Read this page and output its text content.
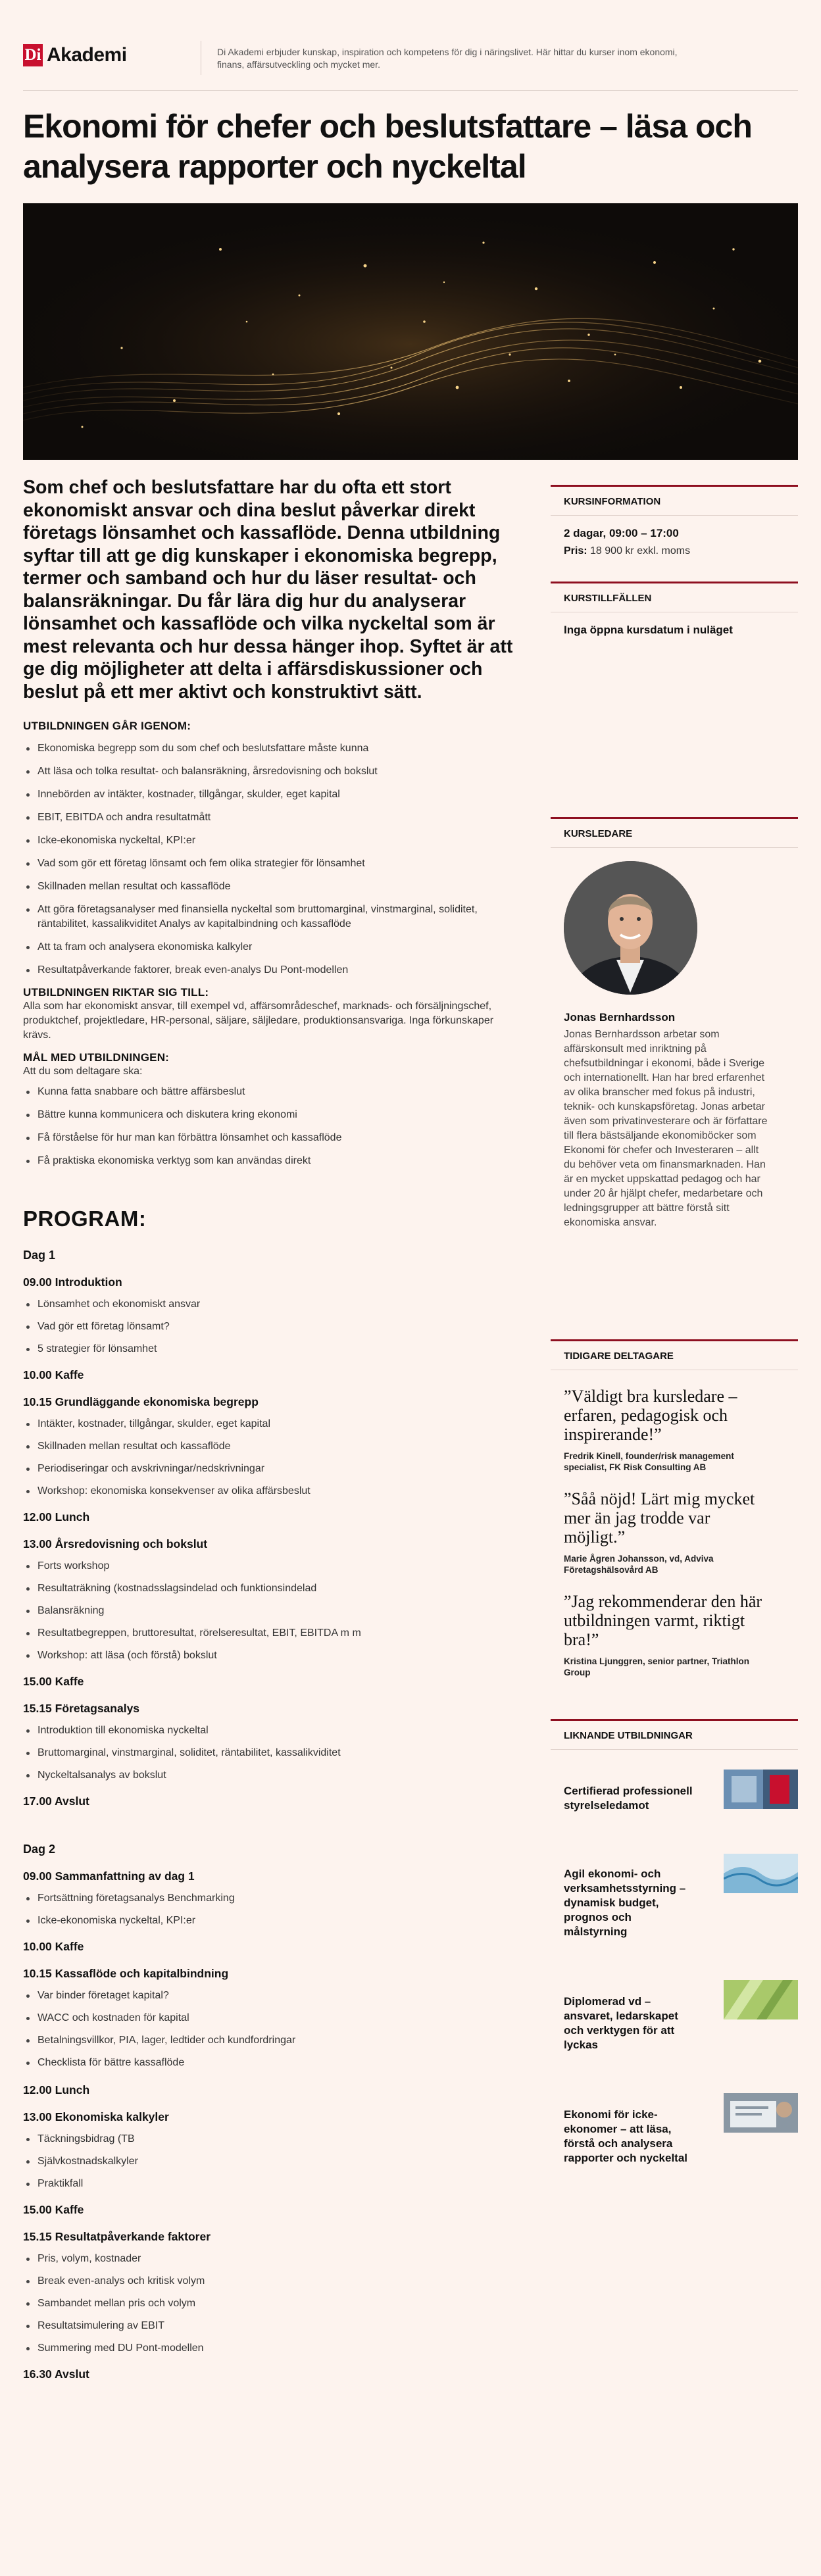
Di Akademi	Di Akademi erbjuder kunskap, inspiration och kompetens för dig i näringslivet. Här hittar du kurser inom ekonomi, finans, affärsutveckling och mycket mer.
Ekonomi för chefer och beslutsfattare – läsa och analysera rapporter och nyckeltal

Som chef och beslutsfattare har du ofta ett stort ekonomiskt ansvar och dina beslut påverkar direkt företags lönsamhet och kassaflöde. Denna utbildning syftar till att ge dig kunskaper i ekonomiska begrepp, termer och samband och hur du läser resultat- och balansräkningar. Du får lära dig hur du analyserar lönsamhet och kassaflöde och vilka nyckeltal som är mest relevanta och hur dessa hänger ihop. Syftet är att ge dig möjligheter att delta i affärsdiskussioner och beslut på ett mer aktivt och konstruktivt sätt.

UTBILDNINGEN GÅR IGENOM:
Ekonomiska begrepp som du som chef och beslutsfattare måste kunna
Att läsa och tolka resultat- och balansräkning, årsredovisning och bokslut
Innebörden av intäkter, kostnader, tillgångar, skulder, eget kapital
EBIT, EBITDA och andra resultatmått
Icke-ekonomiska nyckeltal, KPI:er
Vad som gör ett företag lönsamt och fem olika strategier för lönsamhet
Skillnaden mellan resultat och kassaflöde
Att göra företagsanalyser med finansiella nyckeltal som bruttomarginal, vinstmarginal, soliditet, räntabilitet, kassalikviditet Analys av kapitalbindning och kassaflöde
Att ta fram och analysera ekonomiska kalkyler
Resultatpåverkande faktorer, break even-analys Du Pont-modellen
UTBILDNINGEN RIKTAR SIG TILL:

Alla som har ekonomiskt ansvar, till exempel vd, affärsområdeschef, marknads- och försäljningschef, produktchef, projektledare, HR-personal, säljare, säljledare, produktionsansvariga. Inga förkunskaper krävs.

MÅL MED UTBILDNINGEN:

Att du som deltagare ska:

Kunna fatta snabbare och bättre affärsbeslut
Bättre kunna kommunicera och diskutera kring ekonomi
Få förståelse för hur man kan förbättra lönsamhet och kassaflöde
Få praktiska ekonomiska verktyg som kan användas direkt
PROGRAM:
Dag 1
09.00 Introduktion
Lönsamhet och ekonomiskt ansvar
Vad gör ett företag lönsamt?
5 strategier för lönsamhet
10.00 Kaffe
10.15 Grundläggande ekonomiska begrepp
Intäkter, kostnader, tillgångar, skulder, eget kapital
Skillnaden mellan resultat och kassaflöde
Periodiseringar och avskrivningar/nedskrivningar
Workshop: ekonomiska konsekvenser av olika affärsbeslut
12.00 Lunch
13.00 Årsredovisning och bokslut
Forts workshop
Resultaträkning (kostnadsslagsindelad och funktionsindelad
Balansräkning
Resultatbegreppen, bruttoresultat, rörelseresultat, EBIT, EBITDA m m
Workshop: att läsa (och förstå) bokslut
15.00 Kaffe
15.15 Företagsanalys
Introduktion till ekonomiska nyckeltal
Bruttomarginal, vinstmarginal, soliditet, räntabilitet, kassalikviditet
Nyckeltalsanalys av bokslut
17.00 Avslut
Dag 2
09.00 Sammanfattning av dag 1
Fortsättning företagsanalys Benchmarking
Icke-ekonomiska nyckeltal, KPI:er
10.00 Kaffe
10.15 Kassaflöde och kapitalbindning
Var binder företaget kapital?
WACC och kostnaden för kapital
Betalningsvillkor, PIA, lager, ledtider och kundfordringar
Checklista för bättre kassaflöde
12.00 Lunch
13.00 Ekonomiska kalkyler
Täckningsbidrag (TB
Självkostnadskalkyler
Praktikfall
15.00 Kaffe
15.15 Resultatpåverkande faktorer
Pris, volym, kostnader
Break even-analys och kritisk volym
Sambandet mellan pris och volym
Resultatsimulering av EBIT
Summering med DU Pont-modellen
16.30 Avslut
KURSINFORMATION
2 dagar, 09:00 – 17:00
Pris: 18 900 kr exkl. moms
KURSTILLFÄLLEN
Inga öppna kursdatum i nuläget
KURSLEDARE
Jonas Bernhardsson
Jonas Bernhardsson arbetar som affärskonsult med inriktning på chefsutbildningar i ekonomi, både i Sverige och internationellt. Han har bred erfarenhet av olika branscher med fokus på industri, teknik- och kunskapsföretag. Jonas arbetar även som privatinvesterare och är författare till flera bästsäljande ekonomiböcker som Ekonomi för chefer och Investeraren – allt du behöver veta om finansmarknaden. Han är en mycket uppskattad pedagog och har under 20 år hjälpt chefer, medarbetare och ledningsgrupper att bättre förstå sitt ekonomiska ansvar.
TIDIGARE DELTAGARE
”Väldigt bra kursledare – erfaren, pedagogisk och inspirerande!”
Fredrik Kinell, founder/risk management specialist, FK Risk Consulting AB
”Såå nöjd! Lärt mig mycket mer än jag trodde var möjligt.”
Marie Ågren Johansson, vd, Adviva Företagshälsovård AB
”Jag rekommenderar den här utbildningen varmt, riktigt bra!”
Kristina Ljunggren, senior partner, Triathlon Group
LIKNANDE UTBILDNINGAR
Certifierad professionell styrelseledamot
Agil ekonomi- och verksamhetsstyrning – dynamisk budget, prognos och målstyrning
Diplomerad vd – ansvaret, ledarskapet och verktygen för att lyckas
Ekonomi för icke-ekonomer – att läsa, förstå och analysera rapporter och nyckeltal
